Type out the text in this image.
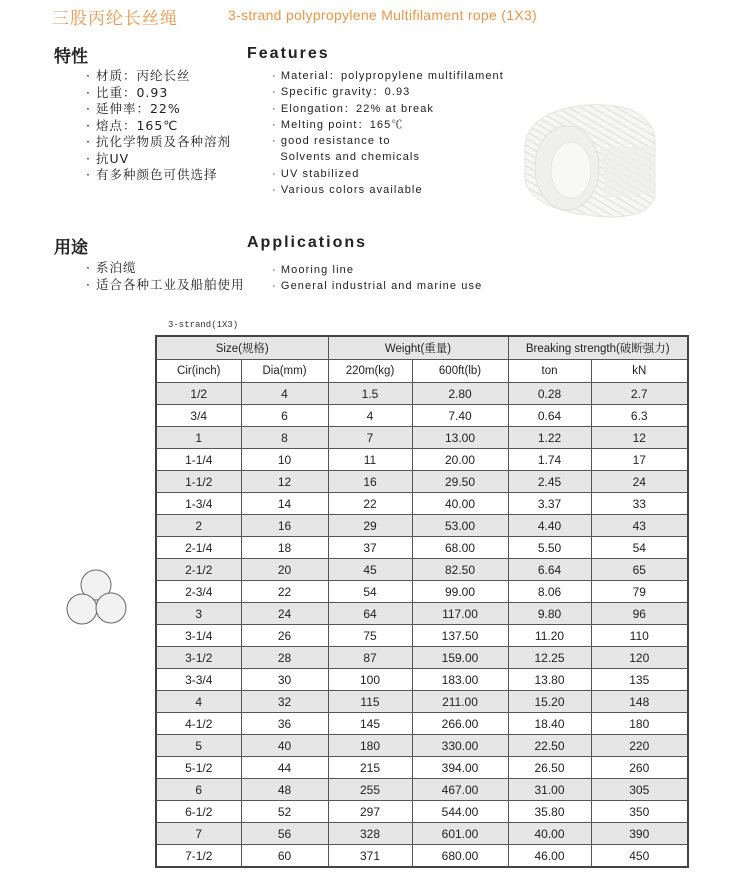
三股丙纶长丝绳	3-strand polypropylene Multifilament rope (1X3)
特性	Features
· 材质：丙纶长丝
· 比重：0.93
· 延伸率：22%
· 熔点：165℃
· 抗化学物质及各种溶剂
· 抗UV
· 有多种颜色可供选择
· Material：polypropylene multifilament
· Specific gravity：0.93
· Elongation：22% at break
· Melting point：165℃
· good resistance to
Solvents and chemicals
· UV stabilized
· Various colors available
用途	Applications
· 系泊缆
· 适合各种工业及船舶使用
· Mooring line
· General industrial and marine use
3-strand(1X3)
Size(规格)		Weight(重量)		Breaking strength(破断强力)	
Cir(inch)	Dia(mm)	220m(kg)	600ft(lb)	ton	kN
1/2	4	1.5	2.80	0.28	2.7
3/4	6	4	7.40	0.64	6.3
1	8	7	13.00	1.22	12
1-1/4	10	11	20.00	1.74	17
1-1/2	12	16	29.50	2.45	24
1-3/4	14	22	40.00	3.37	33
2	16	29	53.00	4.40	43
2-1/4	18	37	68.00	5.50	54
2-1/2	20	45	82.50	6.64	65
2-3/4	22	54	99.00	8.06	79
3	24	64	117.00	9.80	96
3-1/4	26	75	137.50	11.20	110
3-1/2	28	87	159.00	12.25	120
3-3/4	30	100	183.00	13.80	135
4	32	115	211.00	15.20	148
4-1/2	36	145	266.00	18.40	180
5	40	180	330.00	22.50	220
5-1/2	44	215	394.00	26.50	260
6	48	255	467.00	31.00	305
6-1/2	52	297	544.00	35.80	350
7	56	328	601.00	40.00	390
7-1/2	60	371	680.00	46.00	450
